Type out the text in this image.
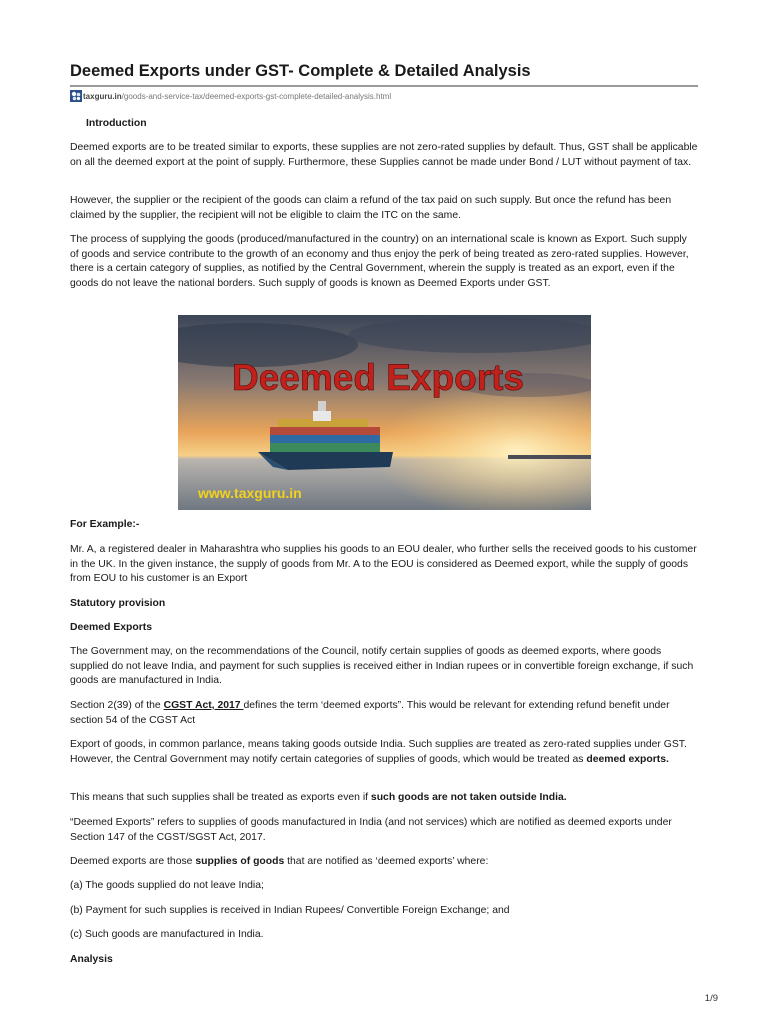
Deemed Exports under GST- Complete & Detailed Analysis
taxguru.in /goods-and-service-tax/deemed-exports-gst-complete-detailed-analysis.html

Introduction

Deemed exports are to be treated similar to exports, these supplies are not zero-rated supplies by default. Thus, GST shall be applicable on all the deemed export at the point of supply. Furthermore, these Supplies cannot be made under Bond / LUT without payment of tax.

However, the supplier or the recipient of the goods can claim a refund of the tax paid on such supply. But once the refund has been claimed by the supplier, the recipient will not be eligible to claim the ITC on the same.

The process of supplying the goods (produced/manufactured in the country) on an international scale is known as Export. Such supply of goods and service contribute to the growth of an economy and thus enjoy the perk of being treated as zero-rated supplies. However, there is a certain category of supplies, as notified by the Central Government, wherein the supply is treated as an export, even if the goods do not leave the national borders. Such supply of goods is known as Deemed Exports under GST.

Deemed Exports
www.taxguru.in

For Example:-

Mr. A, a registered dealer in Maharashtra who supplies his goods to an EOU dealer, who further sells the received goods to his customer in the UK. In the given instance, the supply of goods from Mr. A to the EOU is considered as Deemed export, while the supply of goods from EOU to his customer is an Export

Statutory provision

Deemed Exports

The Government may, on the recommendations of the Council, notify certain supplies of goods as deemed exports, where goods supplied do not leave India, and payment for such supplies is received either in Indian rupees or in convertible foreign exchange, if such goods are manufactured in India.

Section 2(39) of the CGST Act, 2017 defines the term ‘deemed exports”. This would be relevant for extending refund benefit under section 54 of the CGST Act

Export of goods, in common parlance, means taking goods outside India. Such supplies are treated as zero-rated supplies under GST. However, the Central Government may notify certain categories of supplies of goods, which would be treated as deemed exports.

This means that such supplies shall be treated as exports even if such goods are not taken outside India.

“Deemed Exports” refers to supplies of goods manufactured in India (and not services) which are notified as deemed exports under Section 147 of the CGST/SGST Act, 2017.

Deemed exports are those supplies of goods that are notified as ‘deemed exports’ where:

(a) The goods supplied do not leave India;

(b) Payment for such supplies is received in Indian Rupees/ Convertible Foreign Exchange; and

(c) Such goods are manufactured in India.

Analysis

1/9
